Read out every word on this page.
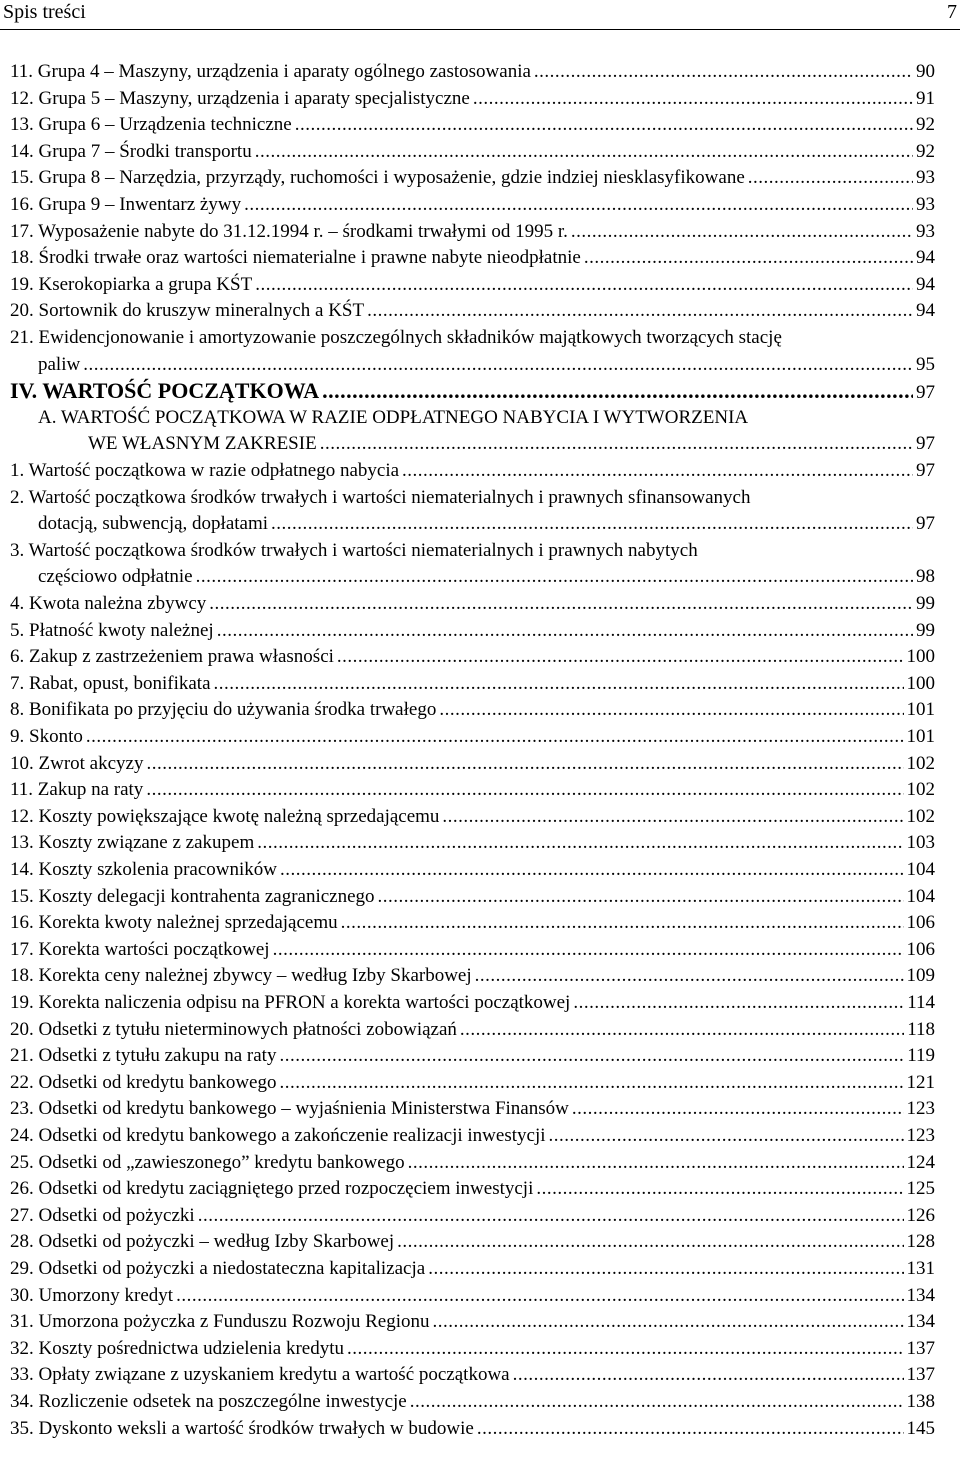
Spis treści	7
11. Grupa 4 – Maszyny, urządzenia i aparaty ogólnego zastosowania .....	90
12. Grupa 5 – Maszyny, urządzenia i aparaty specjalistyczne .....	91
13. Grupa 6 – Urządzenia techniczne .....	92
14. Grupa 7 – Środki transportu .....	92
15. Grupa 8 – Narzędzia, przyrządy, ruchomości i wyposażenie, gdzie indziej niesklasyfikowane .....	93
16. Grupa 9 – Inwentarz żywy .....	93
17. Wyposażenie nabyte do 31.12.1994 r. – środkami trwałymi od 1995 r. .....	93
18. Środki trwałe oraz wartości niematerialne i prawne nabyte nieodpłatnie .....	94
19. Kserokopiarka a grupa KŚT .....	94
20. Sortownik do kruszyw mineralnych a KŚT .....	94
21. Ewidencjonowanie i amortyzowanie poszczególnych składników majątkowych tworzących stację
paliw .....	95
IV. WARTOŚĆ POCZĄTKOWA .....	97
A. WARTOŚĆ POCZĄTKOWA W RAZIE ODPŁATNEGO NABYCIA I WYTWORZENIA
WE WŁASNYM ZAKRESIE .....	97
1. Wartość początkowa w razie odpłatnego nabycia .....	97
2. Wartość początkowa środków trwałych i wartości niematerialnych i prawnych sfinansowanych
dotacją, subwencją, dopłatami .....	97
3. Wartość początkowa środków trwałych i wartości niematerialnych i prawnych nabytych
częściowo odpłatnie .....	98
4. Kwota należna zbywcy .....	99
5. Płatność kwoty należnej .....	99
6. Zakup z zastrzeżeniem prawa własności .....	100
7. Rabat, opust, bonifikata .....	100
8. Bonifikata po przyjęciu do używania środka trwałego .....	101
9. Skonto .....	101
10. Zwrot akcyzy .....	102
11. Zakup na raty .....	102
12. Koszty powiększające kwotę należną sprzedającemu .....	102
13. Koszty związane z zakupem .....	103
14. Koszty szkolenia pracowników .....	104
15. Koszty delegacji kontrahenta zagranicznego .....	104
16. Korekta kwoty należnej sprzedającemu .....	106
17. Korekta wartości początkowej .....	106
18. Korekta ceny należnej zbywcy – według Izby Skarbowej .....	109
19. Korekta naliczenia odpisu na PFRON a korekta wartości początkowej .....	114
20. Odsetki z tytułu nieterminowych płatności zobowiązań .....	118
21. Odsetki z tytułu zakupu na raty .....	119
22. Odsetki od kredytu bankowego .....	121
23. Odsetki od kredytu bankowego – wyjaśnienia Ministerstwa Finansów .....	123
24. Odsetki od kredytu bankowego a zakończenie realizacji inwestycji .....	123
25. Odsetki od „zawieszonego” kredytu bankowego .....	124
26. Odsetki od kredytu zaciągniętego przed rozpoczęciem inwestycji .....	125
27. Odsetki od pożyczki .....	126
28. Odsetki od pożyczki – według Izby Skarbowej .....	128
29. Odsetki od pożyczki a niedostateczna kapitalizacja .....	131
30. Umorzony kredyt .....	134
31. Umorzona pożyczka z Funduszu Rozwoju Regionu .....	134
32. Koszty pośrednictwa udzielenia kredytu .....	137
33. Opłaty związane z uzyskaniem kredytu a wartość początkowa .....	137
34. Rozliczenie odsetek na poszczególne inwestycje .....	138
35. Dyskonto weksli a wartość środków trwałych w budowie .....	145
